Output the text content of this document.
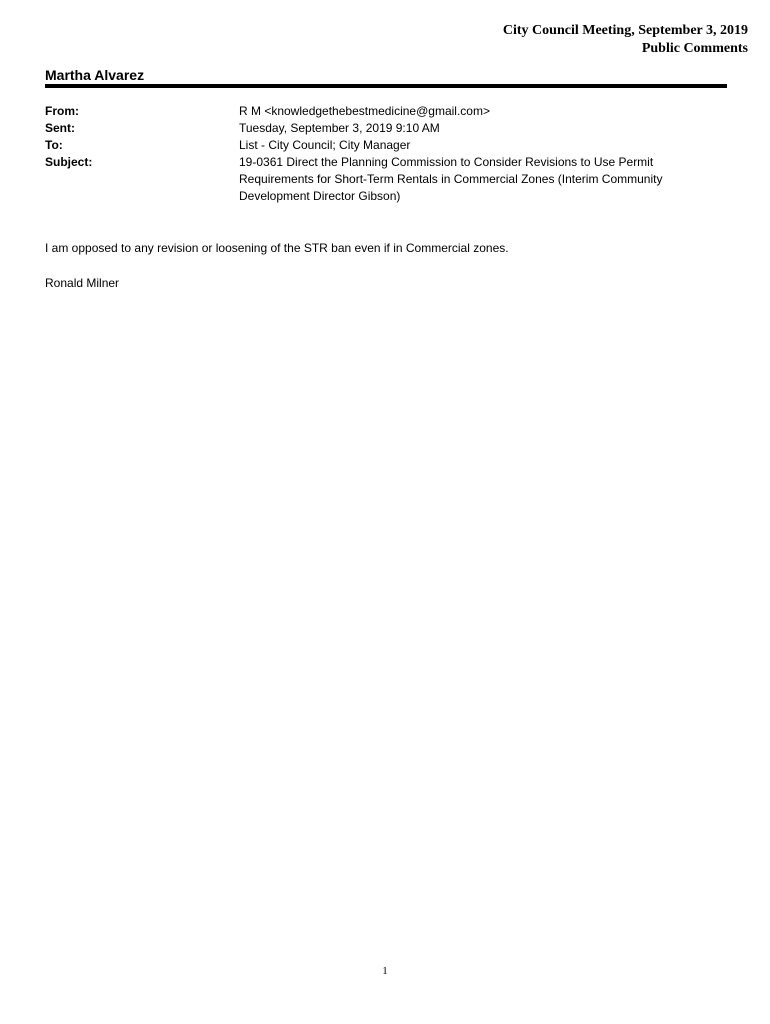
City Council Meeting, September 3, 2019
Public Comments
Martha Alvarez
From:	R M <knowledgethebestmedicine@gmail.com>
Sent:	Tuesday, September 3, 2019 9:10 AM
To:	List - City Council; City Manager
Subject:	19-0361 Direct the Planning Commission to Consider Revisions to Use Permit Requirements for Short-Term Rentals in Commercial Zones (Interim Community Development Director Gibson)
I am opposed to any revision or loosening of the STR ban even if in Commercial zones.
Ronald Milner
1
